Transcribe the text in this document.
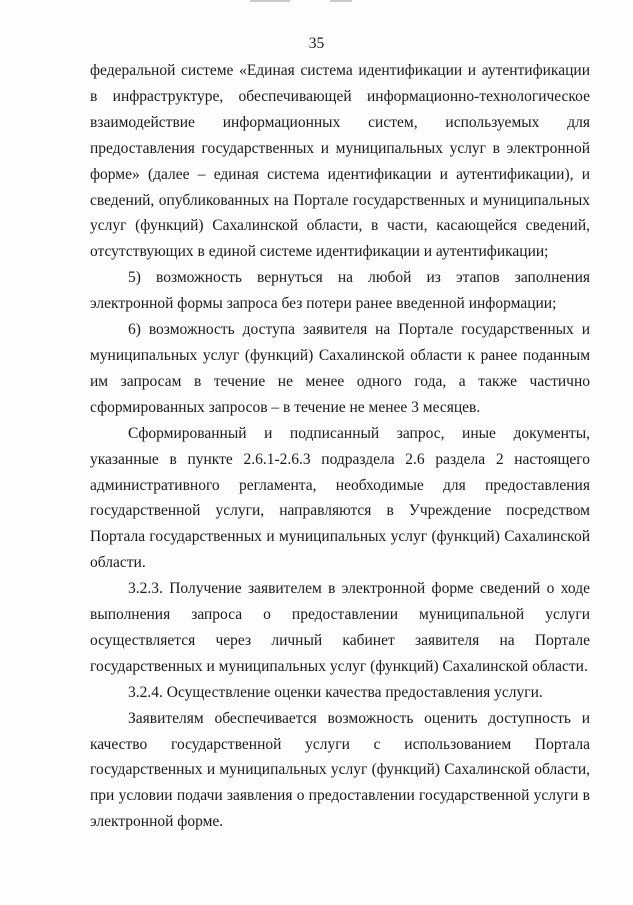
35

федеральной системе «Единая система идентификации и аутентификации в инфраструктуре, обеспечивающей информационно-технологическое взаимодействие информационных систем, используемых для предоставления государственных и муниципальных услуг в электронной форме» (далее – единая система идентификации и аутентификации), и сведений, опубликованных на Портале государственных и муниципальных услуг (функций) Сахалинской области, в части, касающейся сведений, отсутствующих в единой системе идентификации и аутентификации;

5) возможность вернуться на любой из этапов заполнения электронной формы запроса без потери ранее введенной информации;

6) возможность доступа заявителя на Портале государственных и муниципальных услуг (функций) Сахалинской области к ранее поданным им запросам в течение не менее одного года, а также частично сформированных запросов – в течение не менее 3 месяцев.

Сформированный и подписанный запрос, иные документы, указанные в пункте 2.6.1-2.6.3 подраздела 2.6 раздела 2 настоящего административного регламента, необходимые для предоставления государственной услуги, направляются в Учреждение посредством Портала государственных и муниципальных услуг (функций) Сахалинской области.

3.2.3. Получение заявителем в электронной форме сведений о ходе выполнения запроса о предоставлении муниципальной услуги осуществляется через личный кабинет заявителя на Портале государственных и муниципальных услуг (функций) Сахалинской области.

3.2.4. Осуществление оценки качества предоставления услуги.

Заявителям обеспечивается возможность оценить доступность и качество государственной услуги с использованием Портала государственных и муниципальных услуг (функций) Сахалинской области, при условии подачи заявления о предоставлении государственной услуги в электронной форме.
